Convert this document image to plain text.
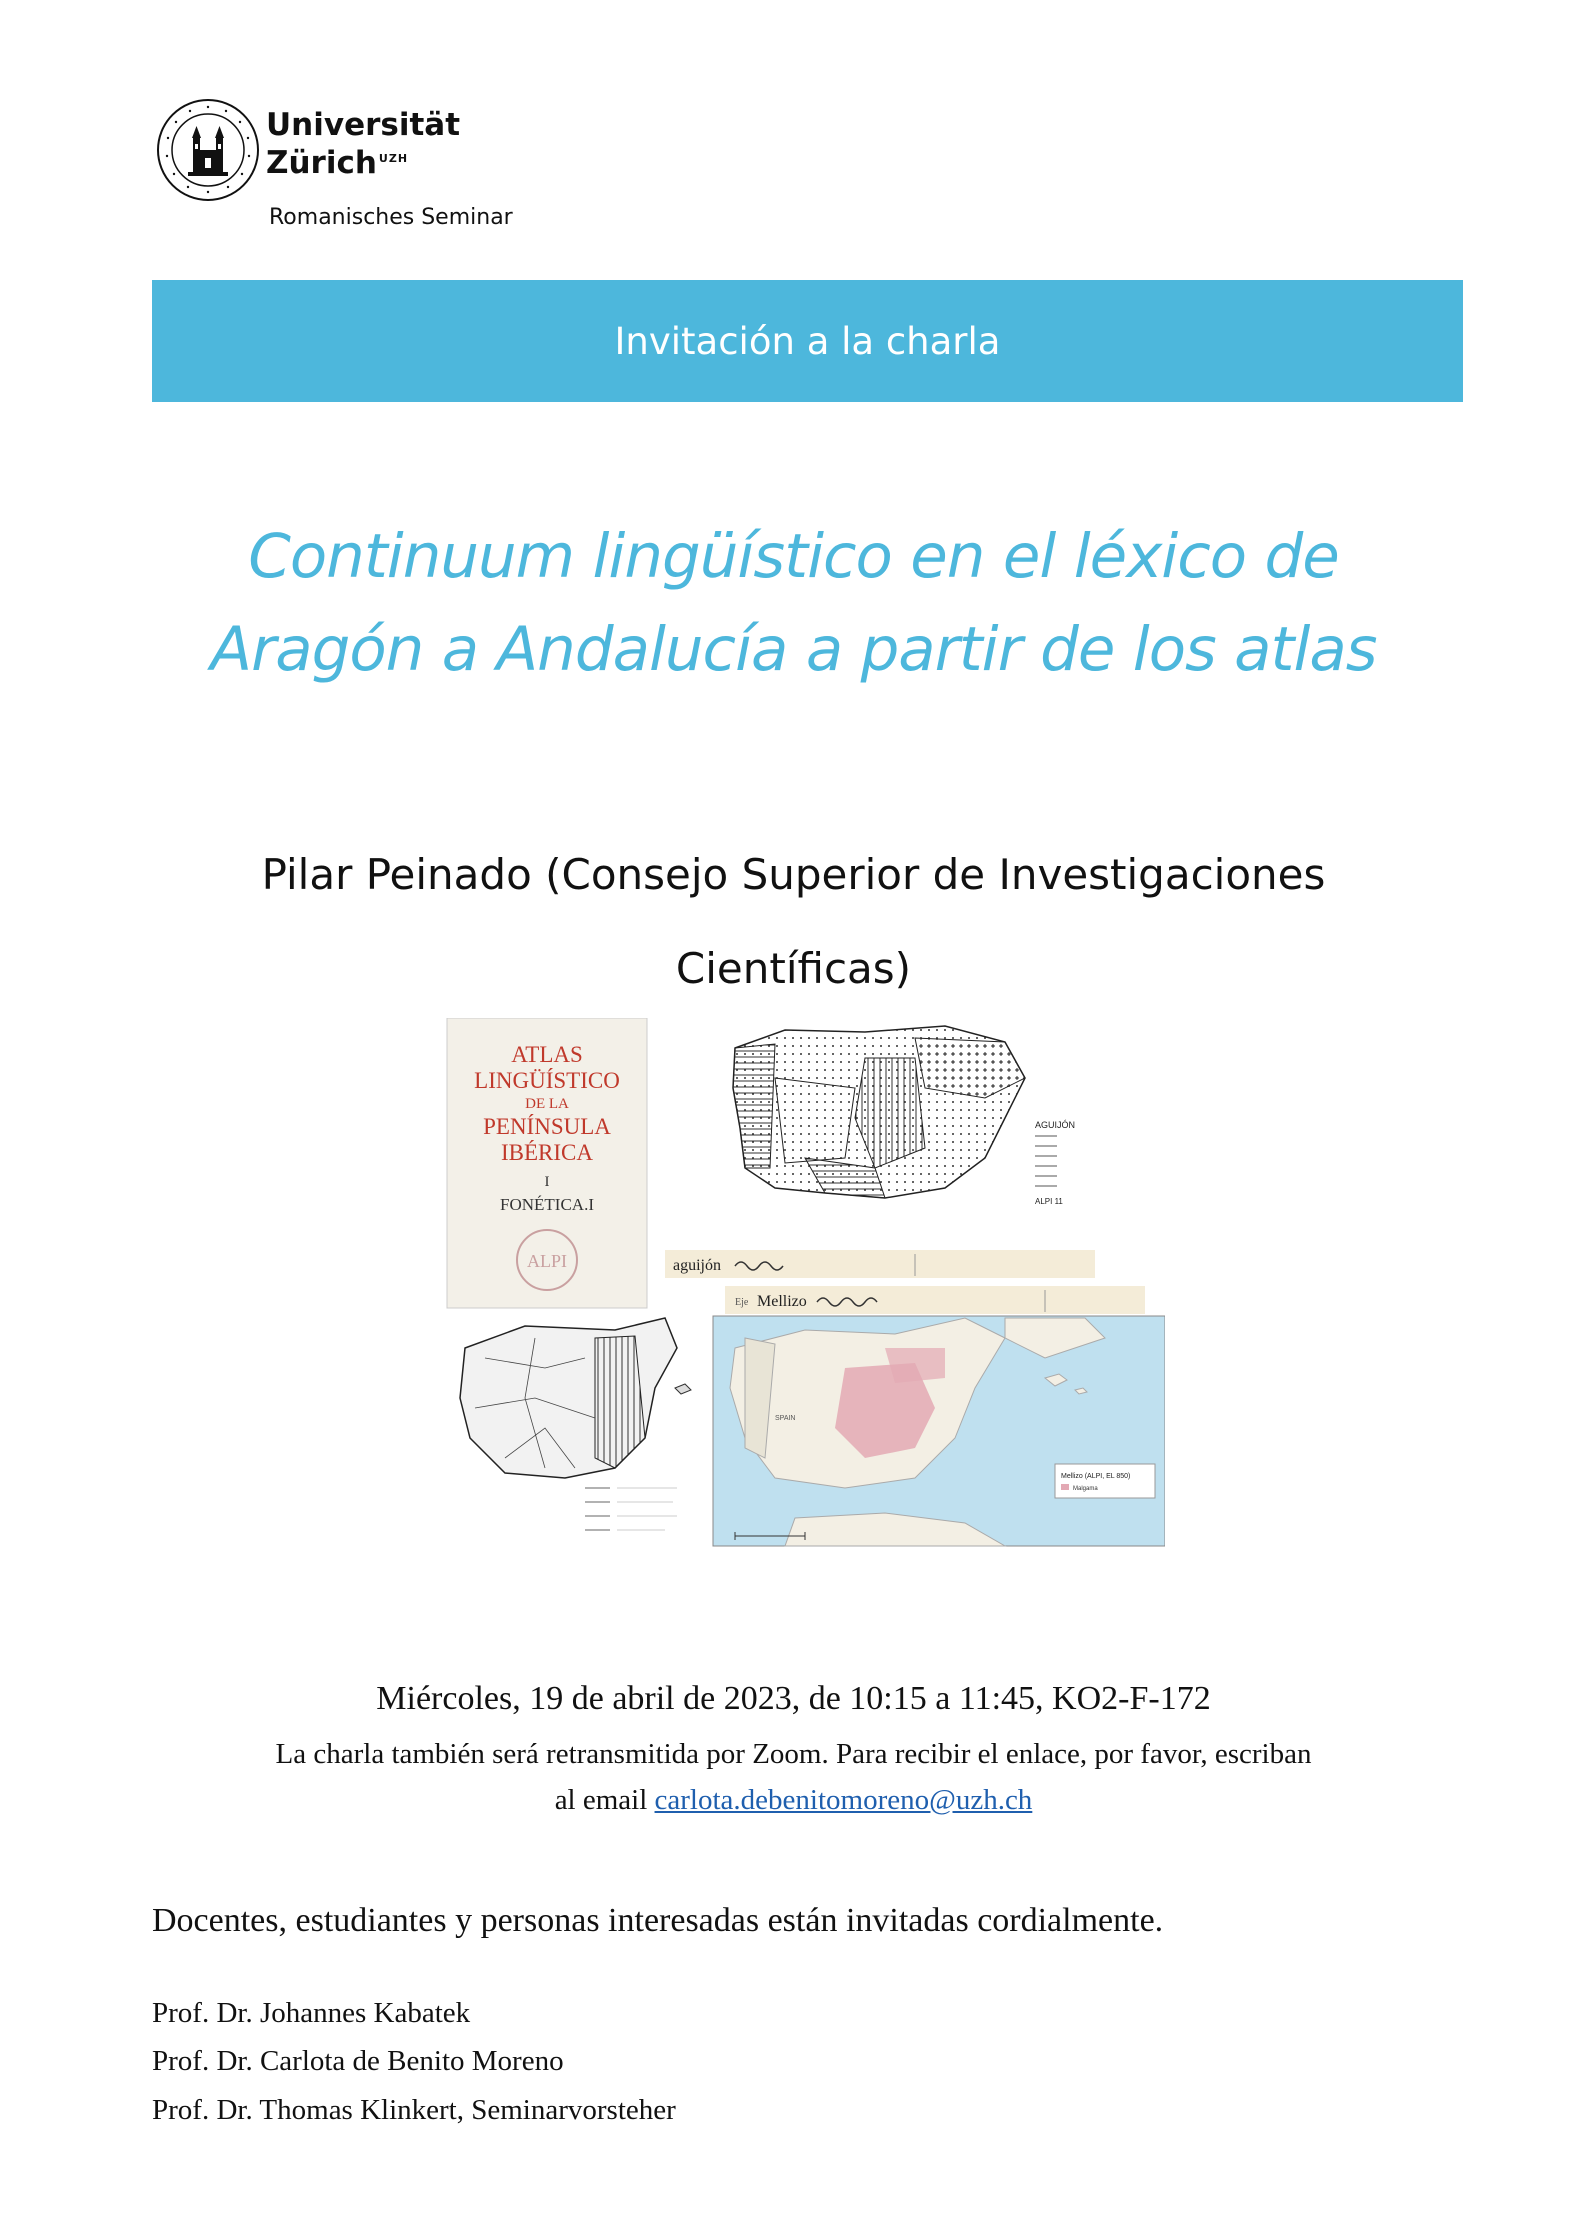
Universität
Zürich $^{UZH}$
Romanisches Seminar
Invitación a la charla
Continuum lingüístico en el léxico de
Aragón a Andalucía a partir de los atlas
Pilar Peinado (Consejo Superior de Investigaciones
Científicas)
ATLAS
LINGÜÍSTICO
DE LA
PENÍNSULA
IBÉRICA
I
FONÉTICA.I
ALPI
AGUIJÓN
ALPI 11
aguijón
Eje Mellizo
SPAIN
Mellizo (ALPI, EL 850)
Malgama
Miércoles, 19 de abril de 2023, de 10:15 a 11:45, KO2-F-172
La charla también será retransmitida por Zoom. Para recibir el enlace, por favor, escriban
al email carlota.debenitomoreno@uzh.ch
Docentes, estudiantes y personas interesadas están invitadas cordialmente.
Prof. Dr. Johannes Kabatek
Prof. Dr. Carlota de Benito Moreno
Prof. Dr. Thomas Klinkert, Seminarvorsteher
